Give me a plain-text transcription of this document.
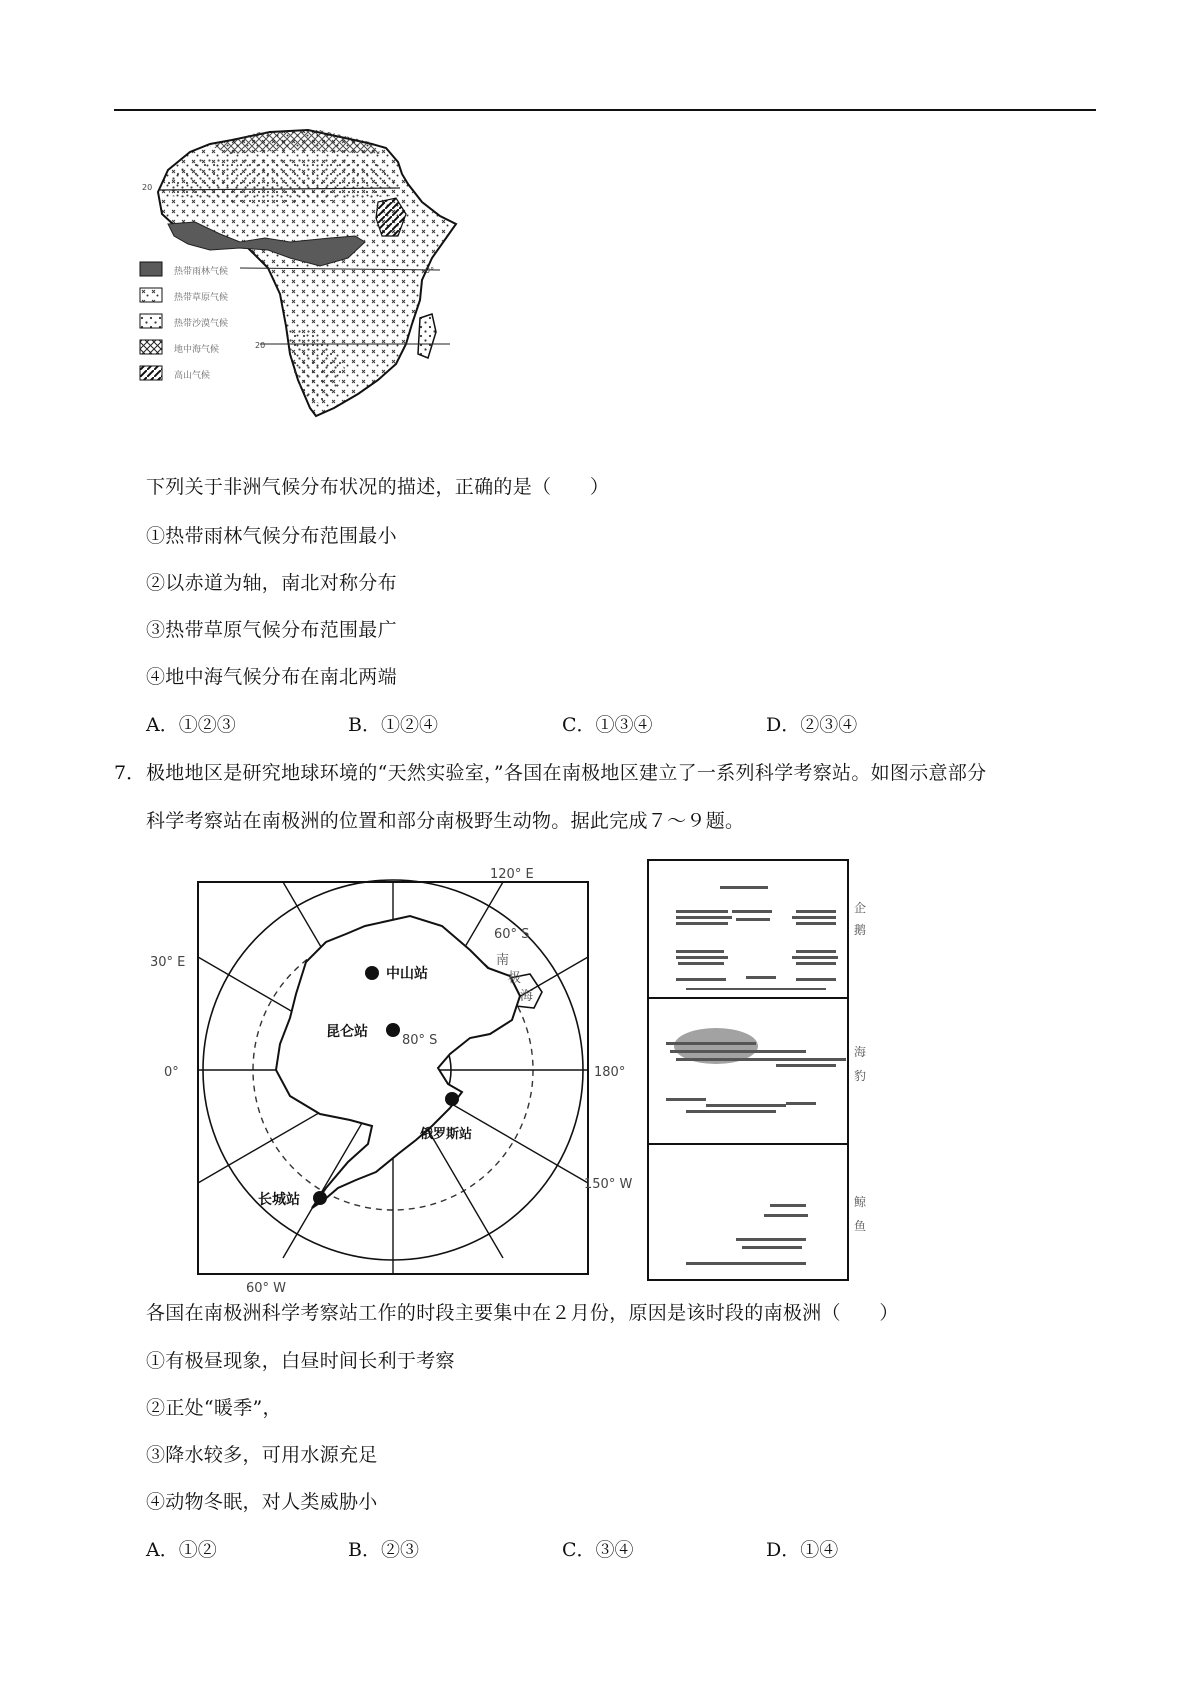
20
0°
20
热带雨林气候
热带草原气候
热带沙漠气候
地中海气候
高山气候
下列关于非洲气候分布状况的描述，正确的是（　　）
①热带雨林气候分布范围最小
②以赤道为轴，南北对称分布
③热带草原气候分布范围最广
④地中海气候分布在南北两端
A．①②③	B．①②④	C．①③④	D．②③④
7． 极地地区是研究地球环境的“天然实验室，”各国在南极地区建立了一系列科学考察站。如图示意部分
科学考察站在南极洲的位置和部分南极野生动物。据此完成７～９题。
中山站
昆仑站
俄罗斯站
长城站
120° E
30° E
0°	180°
150° W
60° W
60° S
80° S
南
极
海
企
鹅
海
豹
鲸
鱼
各国在南极洲科学考察站工作的时段主要集中在２月份，原因是该时段的南极洲（　　）
①有极昼现象，白昼时间长利于考察
②正处“暖季”，
③降水较多，可用水源充足
④动物冬眠，对人类威胁小
A．①②	B．②③	C．③④	D．①④
